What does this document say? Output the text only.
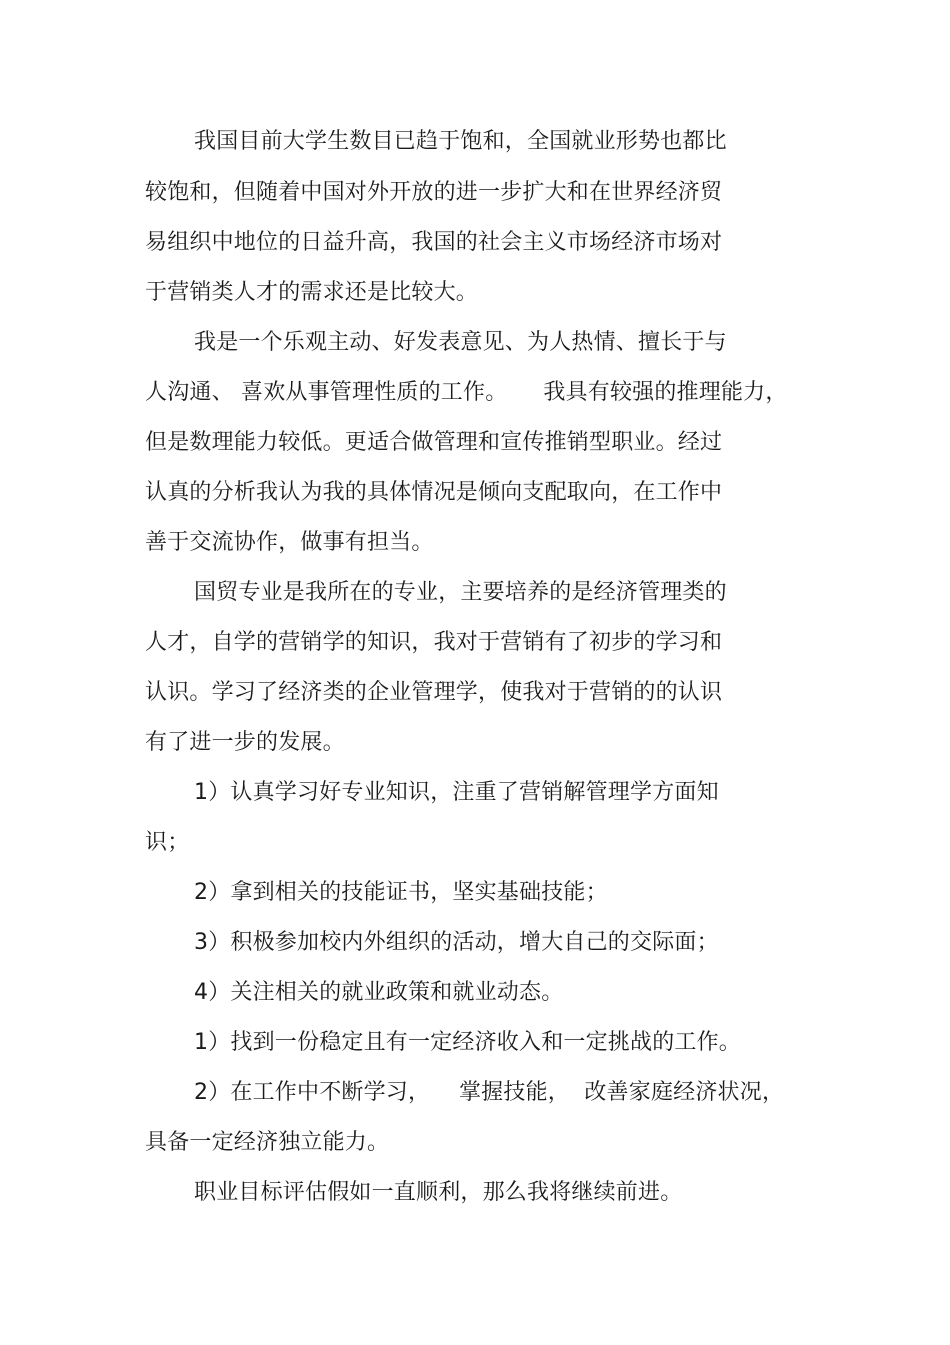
我国目前大学生数目已趋于饱和，全国就业形势也都比
较饱和，但随着中国对外开放的进一步扩大和在世界经济贸
易组织中地位的日益升高，我国的社会主义市场经济市场对
于营销类人才的需求还是比较大。
我是一个乐观主动、好发表意见、为人热情、擅长于与
人沟通、 喜欢从事管理性质的工作。     我具有较强的推理能力，
但是数理能力较低。更适合做管理和宣传推销型职业。经过
认真的分析我认为我的具体情况是倾向支配取向，在工作中
善于交流协作，做事有担当。
国贸专业是我所在的专业，主要培养的是经济管理类的
人才，自学的营销学的知识，我对于营销有了初步的学习和
认识。学习了经济类的企业管理学，使我对于营销的的认识
有了进一步的发展。
1）认真学习好专业知识，注重了营销解管理学方面知
识；
2）拿到相关的技能证书，坚实基础技能；
3）积极参加校内外组织的活动，增大自己的交际面；
4）关注相关的就业政策和就业动态。
1）找到一份稳定且有一定经济收入和一定挑战的工作。
2）在工作中不断学习，    掌握技能，  改善家庭经济状况，
具备一定经济独立能力。
职业目标评估假如一直顺利，那么我将继续前进。
